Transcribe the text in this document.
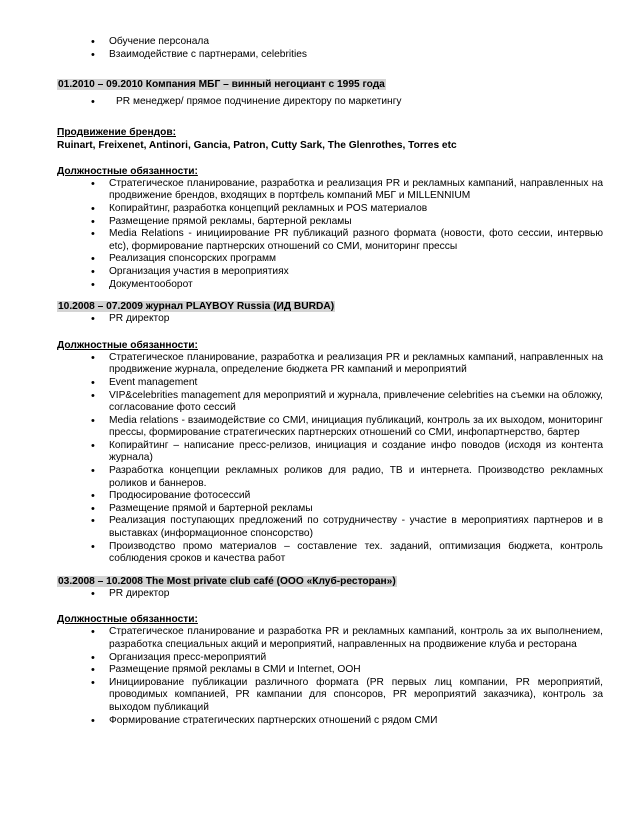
• Обучение персонала
• Взаимодействие с партнерами, celebrities
01.2010 – 09.2010 Компания МБГ – винный негоциант с 1995 года
• PR менеджер/ прямое подчинение директору по маркетингу
Продвижение брендов:
Ruinart, Freixenet, Antinori, Gancia, Patron, Cutty Sark, The Glenrothes, Torres etc
Должностные обязанности:
• Стратегическое планирование, разработка и реализация PR и рекламных кампаний, направленных на продвижение брендов, входящих в портфель компаний МБГ и MILLENNIUM
• Копирайтинг, разработка концепций рекламных и POS материалов
• Размещение прямой рекламы, бартерной рекламы
• Media Relations - инициирование PR публикаций разного формата (новости, фото сессии, интервью etc), формирование партнерских отношений со СМИ, мониторинг прессы
• Реализация спонсорских программ
• Организация участия в мероприятиях
• Документооборот
10.2008 – 07.2009 журнал PLAYBOY Russia (ИД BURDA)
• PR директор
Должностные обязанности:
• Стратегическое планирование, разработка и реализация PR и рекламных кампаний, направленных на продвижение журнала, определение бюджета PR кампаний и мероприятий
• Event management
• VIP&celebrities management для мероприятий и журнала, привлечение celebrities на съемки на обложку, согласование фото сессий
• Media relations - взаимодействие со СМИ, инициация публикаций, контроль за их выходом, мониторинг прессы, формирование стратегических партнерских отношений со СМИ, инфопартнерство, бартер
• Копирайтинг – написание пресс-релизов, инициация и создание инфо поводов (исходя из контента журнала)
• Разработка концепции рекламных роликов для радио, ТВ и интернета. Производство рекламных роликов и баннеров.
• Продюсирование фотосессий
• Размещение прямой и бартерной рекламы
• Реализация поступающих предложений по сотрудничеству - участие в мероприятиях партнеров и в выставках (информационное спонсорство)
• Производство промо материалов – составление тех. заданий, оптимизация бюджета, контроль соблюдения сроков и качества работ
03.2008 – 10.2008 The Most private club café (ООО «Клуб-ресторан»)
• PR директор
Должностные обязанности:
• Стратегическое планирование и разработка PR и рекламных кампаний, контроль за их выполнением, разработка специальных акций и мероприятий, направленных на продвижение клуба и ресторана
• Организация пресс-мероприятий
• Размещение прямой рекламы в СМИ и Internet, OOH
• Инициирование публикации различного формата (PR первых лиц компании, PR мероприятий, проводимых компанией, PR кампании для спонсоров, PR мероприятий заказчика), контроль за выходом публикаций
• Формирование стратегических партнерских отношений с рядом СМИ
